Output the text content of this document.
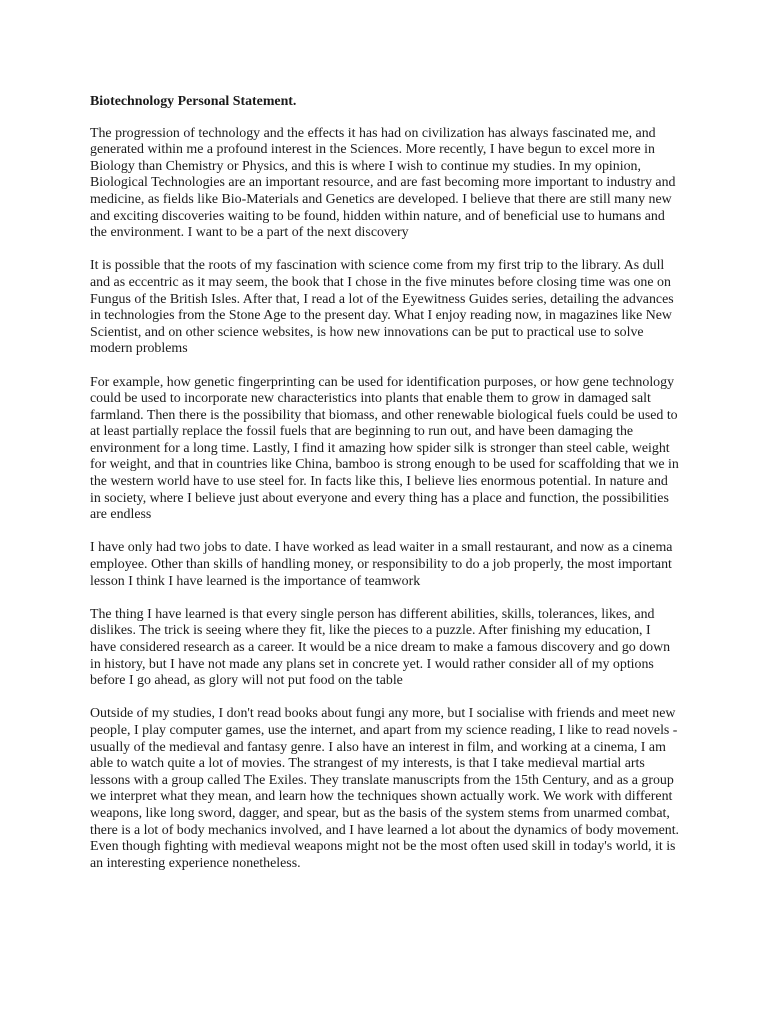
Biotechnology Personal Statement.

The progression of technology and the effects it has had on civilization has always fascinated me, and generated within me a profound interest in the Sciences. More recently, I have begun to excel more in Biology than Chemistry or Physics, and this is where I wish to continue my studies. In my opinion, Biological Technologies are an important resource, and are fast becoming more important to industry and medicine, as fields like Bio-Materials and Genetics are developed. I believe that there are still many new and exciting discoveries waiting to be found, hidden within nature, and of beneficial use to humans and the environment. I want to be a part of the next discovery

It is possible that the roots of my fascination with science come from my first trip to the library. As dull and as eccentric as it may seem, the book that I chose in the five minutes before closing time was one on Fungus of the British Isles. After that, I read a lot of the Eyewitness Guides series, detailing the advances in technologies from the Stone Age to the present day. What I enjoy reading now, in magazines like New Scientist, and on other science websites, is how new innovations can be put to practical use to solve modern problems

For example, how genetic fingerprinting can be used for identification purposes, or how gene technology could be used to incorporate new characteristics into plants that enable them to grow in damaged salt farmland. Then there is the possibility that biomass, and other renewable biological fuels could be used to at least partially replace the fossil fuels that are beginning to run out, and have been damaging the environment for a long time. Lastly, I find it amazing how spider silk is stronger than steel cable, weight for weight, and that in countries like China, bamboo is strong enough to be used for scaffolding that we in the western world have to use steel for. In facts like this, I believe lies enormous potential. In nature and in society, where I believe just about everyone and every thing has a place and function, the possibilities are endless

I have only had two jobs to date. I have worked as lead waiter in a small restaurant, and now as a cinema employee. Other than skills of handling money, or responsibility to do a job properly, the most important lesson I think I have learned is the importance of teamwork

The thing I have learned is that every single person has different abilities, skills, tolerances, likes, and dislikes. The trick is seeing where they fit, like the pieces to a puzzle. After finishing my education, I have considered research as a career. It would be a nice dream to make a famous discovery and go down in history, but I have not made any plans set in concrete yet. I would rather consider all of my options before I go ahead, as glory will not put food on the table

Outside of my studies, I don't read books about fungi any more, but I socialise with friends and meet new people, I play computer games, use the internet, and apart from my science reading, I like to read novels - usually of the medieval and fantasy genre. I also have an interest in film, and working at a cinema, I am able to watch quite a lot of movies. The strangest of my interests, is that I take medieval martial arts lessons with a group called The Exiles. They translate manuscripts from the 15th Century, and as a group we interpret what they mean, and learn how the techniques shown actually work. We work with different weapons, like long sword, dagger, and spear, but as the basis of the system stems from unarmed combat, there is a lot of body mechanics involved, and I have learned a lot about the dynamics of body movement. Even though fighting with medieval weapons might not be the most often used skill in today's world, it is an interesting experience nonetheless.
